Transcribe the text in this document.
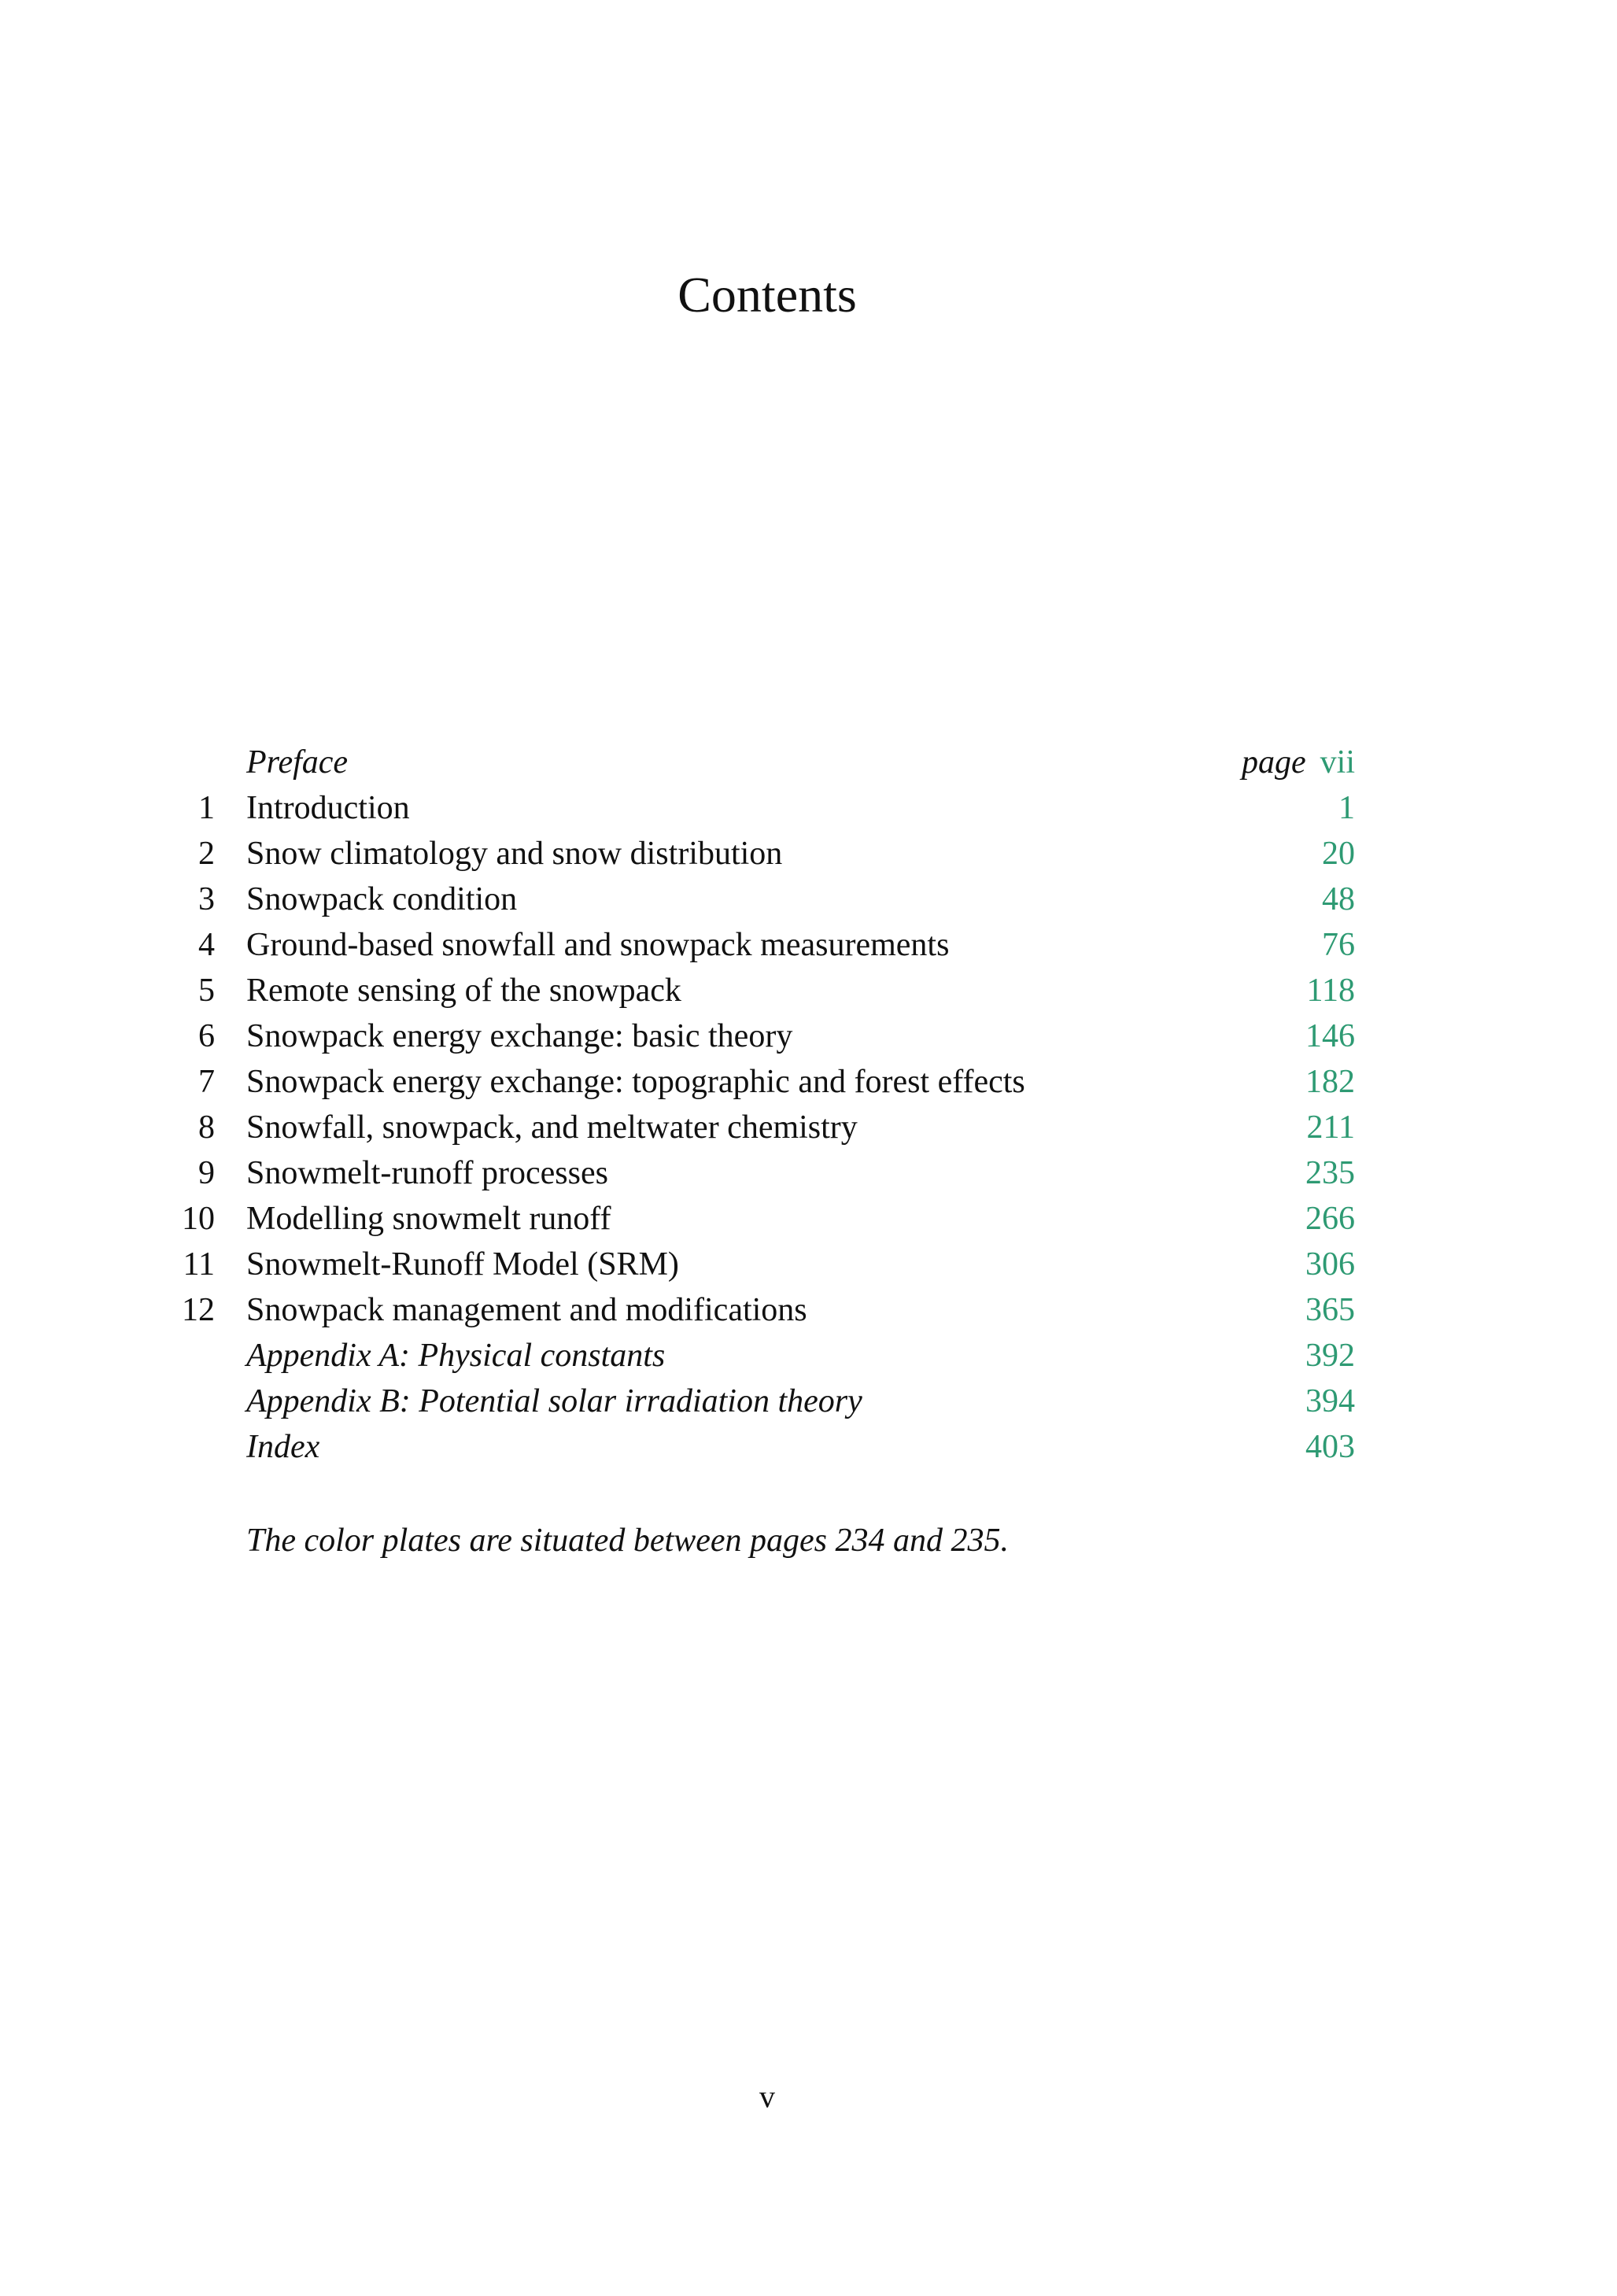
Contents
Preface	page vii
1 Introduction	1
2 Snow climatology and snow distribution	20
3 Snowpack condition	48
4 Ground-based snowfall and snowpack measurements	76
5 Remote sensing of the snowpack	118
6 Snowpack energy exchange: basic theory	146
7 Snowpack energy exchange: topographic and forest effects	182
8 Snowfall, snowpack, and meltwater chemistry	211
9 Snowmelt-runoff processes	235
10 Modelling snowmelt runoff	266
11 Snowmelt-Runoff Model (SRM)	306
12 Snowpack management and modifications	365
Appendix A: Physical constants	392
Appendix B: Potential solar irradiation theory	394
Index	403
The color plates are situated between pages 234 and 235.
v
